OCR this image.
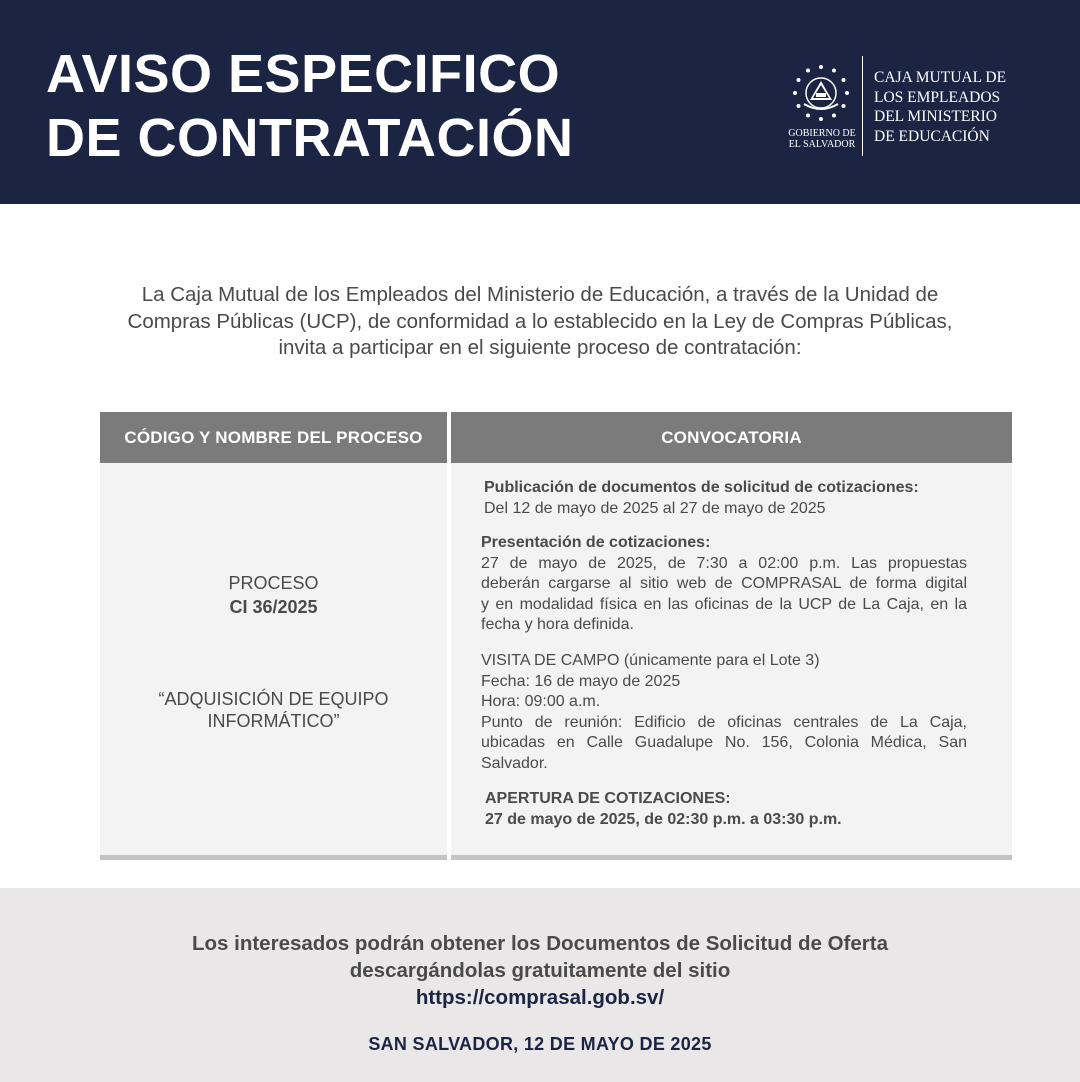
AVISO ESPECIFICO
DE CONTRATACIÓN	GOBIERNO DE
EL SALVADOR
CAJA MUTUAL DE
LOS EMPLEADOS
DEL MINISTERIO
DE EDUCACIÓN
La Caja Mutual de los Empleados del Ministerio de Educación, a través de la Unidad de
Compras Públicas (UCP), de conformidad a lo establecido en la Ley de Compras Públicas,
invita a participar en el siguiente proceso de contratación:
CÓDIGO Y NOMBRE DEL PROCESO	CONVOCATORIA
PROCESO
CI 36/2025
“ADQUISICIÓN DE EQUIPO
INFORMÁTICO”
Publicación de documentos de solicitud de cotizaciones:
Del 12 de mayo de 2025 al 27 de mayo de 2025
Presentación de cotizaciones:
27 de mayo de 2025, de 7:30 a 02:00 p.m. Las propuestas
deberán cargarse al sitio web de COMPRASAL de forma digital
y en modalidad física en las oficinas de la UCP de La Caja, en la
fecha y hora definida.
VISITA DE CAMPO (únicamente para el Lote 3)
Fecha: 16 de mayo de 2025
Hora: 09:00 a.m.
Punto de reunión: Edificio de oficinas centrales de La Caja,
ubicadas en Calle Guadalupe No. 156, Colonia Médica, San
Salvador.
APERTURA DE COTIZACIONES:
27 de mayo de 2025, de 02:30 p.m. a 03:30 p.m.
Los interesados podrán obtener los Documentos de Solicitud de Oferta
descargándolas gratuitamente del sitio
https://comprasal.gob.sv/
SAN SALVADOR, 12 DE MAYO DE 2025
